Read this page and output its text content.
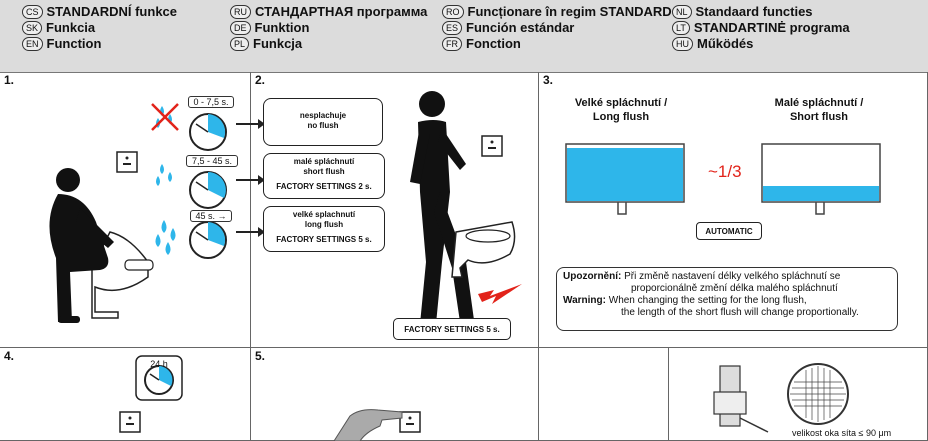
CS STANDARDNÍ funkce
SK Funkcia
EN Function
RU СТАНДАРТНАЯ программа
DE Funktion
PL Funkcja
RO Funcționare în regim STANDARD
ES Función estándar
FR Fonction
NL Standaard functies
LT STANDARTINĖ programa
HU Működés
1.	2.	3.
4.	5.
0 - 7,5 s.
7,5 - 45 s.
45 s. →
nesplachuje
no flush
malé spláchnutí
short flush
FACTORY SETTINGS 2 s.
velké splachnutí
long flush
FACTORY SETTINGS 5 s.
FACTORY SETTINGS 5 s.
Velké spláchnutí /
Long flush
Malé spláchnutí /
Short flush
~1/3
AUTOMATIC
Upozornění: Při změně nastavení délky velkého spláchnutí se
proporcionálně změní délka malého spláchnutí
Warning: When changing the setting for the long flush,
the length of the short flush will change proportionally.
24 h
velikost oka síta ≤ 90 μm
